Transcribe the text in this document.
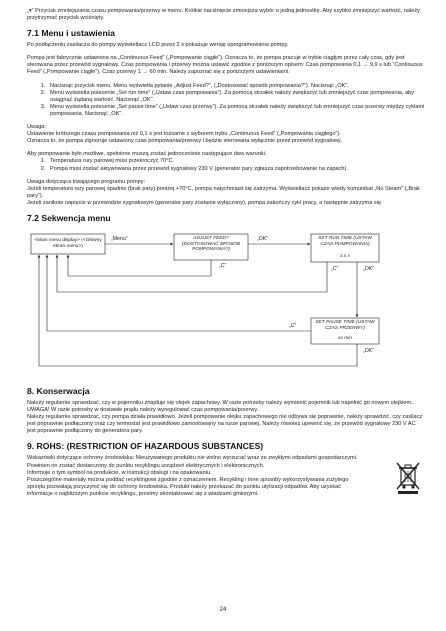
„▾” Przycisk zmniejszania czasu pompowania/przerwy w menu. Krótkie naciśnięcie zmniejsza wybór o jedną jednostkę. Aby szybko zmniejszyć wartość, należy przytrzymać przycisk wciśnięty.

7.1 Menu i ustawienia

Po podłączeniu zasilacza do pompy wyświetlacz LCD przez 2 s pokazuje wersję oprogramowania pompy.

Pompa jest fabrycznie ustawiona na „Continuous Feed” („Pompowanie ciągłe”). Oznacza to, że pompa pracuje w trybie ciągłym przez cały czas, gdy jest sterowana przez przewód sygnałowy. Czas pompowania i przerwy można ustawić zgodnie z poniższym opisem: Czas pompowania 0,1 → 9,9 s lub “Continuous Feed” („Pompowanie ciągłe”). Czas przerwy 1 → 60 min. Należy zapoznać się z poniższymi ustawieniami.

1. Nacisnąć przycisk menu. Menu wyświetla pytanie „Adjust Feed?”, („Dostosować sposób pompowania?”). Nacisnąć „OK”.
2. Menu wyświetla polecenie „Set run time” („Ustaw czas pompowania”). Za pomocą strzałek należy zwiększyć lub zmniejszyć czas pompowania, aby osiągnąć żądaną wartość. Nacisnąć „OK”.
3. Menu wyświetla polecenie „Set pause time” („Ustaw czas przerwy”). Za pomocą strzałek należy zwiększyć lub zmniejszyć czas przerwy między cyklami pompowania. Nacisnąć „OK”.

Uwaga:

Ustawienie krótszego czasu pompowania niż 0,1 s jest tożsame z wyborem trybu „Continuous Feed” („Pompowania ciągłego”).

Oznacza to, że pompa zignoruje ustawiony czas pompowania/przerwy i będzie sterowana wyłącznie przez przewód sygnałowy.

Aby pompowanie było możliwe, spełnione muszą zostać jednocześnie następujące dwa warunki.

1. Temperatura rury parowej musi przekroczyć 70°C.
2. Pompa musi zostać aktywowana przez przewód sygnałowy 230 V (generator pary zgłasza zapotrzebowanie na zapach).

Uwaga dotycząca trwającego programu pompy:

Jeżeli temperatura rury parowej spadnie (brak pary) poniżej +70°C, pompa natychmiast się zatrzyma. Wyświetlacz pokaże wtedy komunikat „No Steam” („Brak pary”).

Jeżeli zaniknie napięcie w przewodzie sygnałowym (generator pary zostanie wyłączony), pompa zakończy cykl pracy, a następnie zatrzyma się.

7.2 Sekwencja menu
<Main menu display> (<Główny ekran menu>)
„Menu”	ADJUST FEED? (DOSTOSOWAĆ SPOSÓB POMPOWANIA?)
„OK”	SET RUN TIME (USTAW CZAS POMPOWANIA)
x.x s
„C”	„C”	„OK”
SET PAUSE TIME (USTAW CZAS PRZERWY)
xx min
„C”
„OK”
8. Konserwacja

Należy regularnie sprawdzać, czy w pojemniku znajduje się olejek zapachowy. W razie potrzeby należy wymienić pojemnik lub napełnić go nowym olejkiem. UWAGA! W razie potrzeby w dostawie prądu należy wyregulować czas pompowania/przerwy.

Należy regularnie sprawdzać, czy pompa działa prawidłowo. Jeżeli pompowanie olejku zapachowego nie odbywa się poprawnie, należy sprawdzić, czy zasilacz jest poprawnie podłączony oraz czy termostat jest prawidłowo zamontowany na rurze parowej. Należy również upewnić się, że przewód sygnałowy 230 V AC jest poprawnie podłączony do generatora pary.

9. ROHS: (RESTRICTION OF HAZARDOUS SUBSTANCES)

Wskazówki dotyczące ochrony środowiska: Nieużywanego produktu nie wolno wyrzucać wraz ze zwykłymi odpadami gospodarczymi. Powinien on zostać dostarczony do punktu recyklingu urządzeń elektrycznych i elektronicznych.

Informuje o tym symbol na produkcie, w instrukcji obsługi i na opakowaniu.

Poszczególne materiały można poddać recyklingowi zgodnie z oznaczeniem. Recykling i inne sposoby wykorzystywania zużytego sprzętu pozwalają przyczynić się do ochrony środowiska. Produkt należy przekazać do punktu utylizacji odpadów. Aby uzyskać informacje o najbliższym punkcie recyklingu, prosimy skontaktować się z władzami gminnymi.

24
